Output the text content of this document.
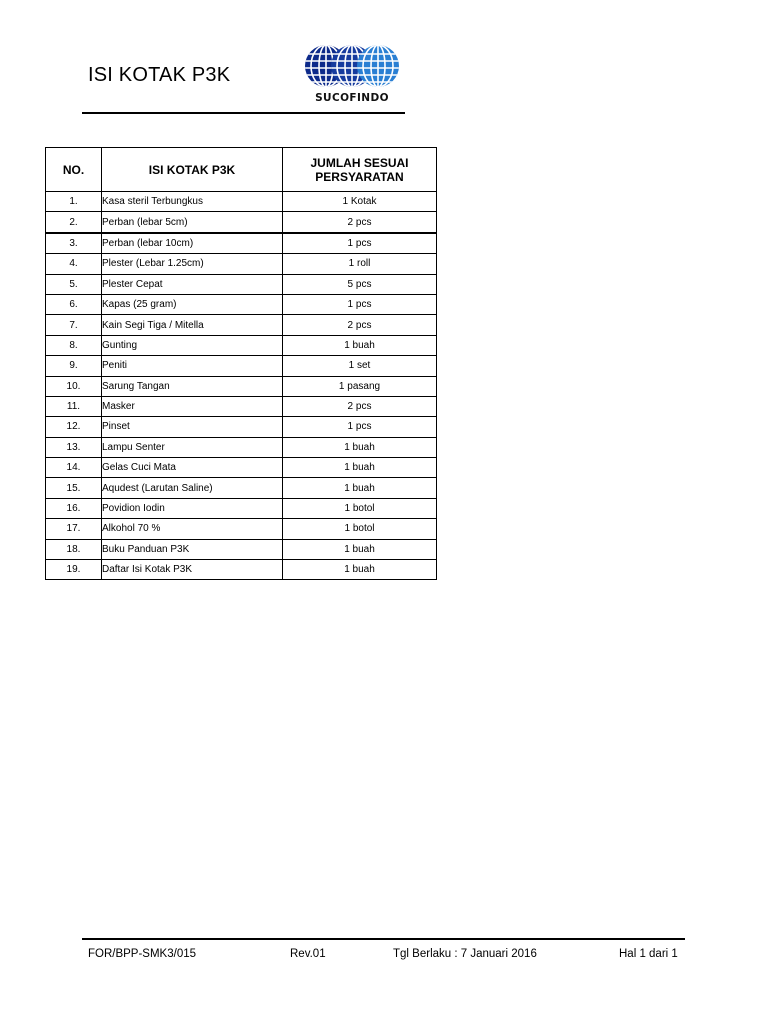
ISI KOTAK P3K
SUCOFINDO
NO.	ISI KOTAK P3K	JUMLAH SESUAI
PERSYARATAN
1.	Kasa steril Terbungkus	1 Kotak
2.	Perban (lebar 5cm)	2 pcs
3.	Perban (lebar 10cm)	1 pcs
4.	Plester (Lebar 1.25cm)	1 roll
5.	Plester Cepat	5 pcs
6.	Kapas (25 gram)	1 pcs
7.	Kain Segi Tiga / Mitella	2 pcs
8.	Gunting	1 buah
9.	Peniti	1 set
10.	Sarung Tangan	1 pasang
11.	Masker	2 pcs
12.	Pinset	1 pcs
13.	Lampu Senter	1 buah
14.	Gelas Cuci Mata	1 buah
15.	Aqudest (Larutan Saline)	1 buah
16.	Povidion Iodin	1 botol
17.	Alkohol 70 %	1 botol
18.	Buku Panduan P3K	1 buah
19.	Daftar Isi Kotak P3K	1 buah
FOR/BPP-SMK3/015	Rev.01	Tgl Berlaku : 7 Januari 2016	Hal 1 dari 1
